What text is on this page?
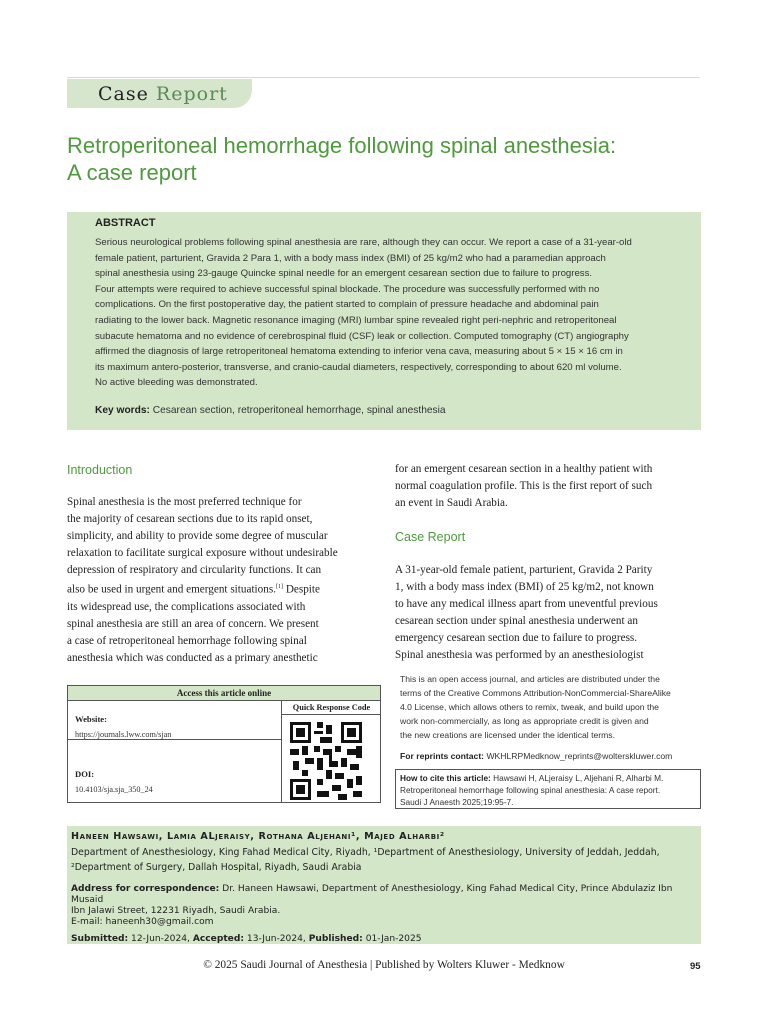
Case Report
Retroperitoneal hemorrhage following spinal anesthesia:
A case report
ABSTRACT
Serious neurological problems following spinal anesthesia are rare, although they can occur. We report a case of a 31-year-old
female patient, parturient, Gravida 2 Para 1, with a body mass index (BMI) of 25 kg/m2 who had a paramedian approach
spinal anesthesia using 23-gauge Quincke spinal needle for an emergent cesarean section due to failure to progress.
Four attempts were required to achieve successful spinal blockade. The procedure was successfully performed with no
complications. On the first postoperative day, the patient started to complain of pressure headache and abdominal pain
radiating to the lower back. Magnetic resonance imaging (MRI) lumbar spine revealed right peri-nephric and retroperitoneal
subacute hematoma and no evidence of cerebrospinal fluid (CSF) leak or collection. Computed tomography (CT) angiography
affirmed the diagnosis of large retroperitoneal hematoma extending to inferior vena cava, measuring about 5 × 15 × 16 cm in
its maximum antero-posterior, transverse, and cranio-caudal diameters, respectively, corresponding to about 620 ml volume.
No active bleeding was demonstrated.
Key words: Cesarean section, retroperitoneal hemorrhage, spinal anesthesia
Introduction
Spinal anesthesia is the most preferred technique for
the majority of cesarean sections due to its rapid onset,
simplicity, and ability to provide some degree of muscular
relaxation to facilitate surgical exposure without undesirable
depression of respiratory and circularity functions. It can
also be used in urgent and emergent situations.[1] Despite
its widespread use, the complications associated with
spinal anesthesia are still an area of concern. We present
a case of retroperitoneal hemorrhage following spinal
anesthesia which was conducted as a primary anesthetic
for an emergent cesarean section in a healthy patient with
normal coagulation profile. This is the first report of such
an event in Saudi Arabia.
Case Report
A 31-year-old female patient, parturient, Gravida 2 Parity
1, with a body mass index (BMI) of 25 kg/m2, not known
to have any medical illness apart from uneventful previous
cesarean section under spinal anesthesia underwent an
emergency cesarean section due to failure to progress.
Spinal anesthesia was performed by an anesthesiologist
Access this article online
Website:
https://journals.lww.com/sjan
DOI:
10.4103/sja.sja_350_24
Quick Response Code
This is an open access journal, and articles are distributed under the
terms of the Creative Commons Attribution-NonCommercial-ShareAlike
4.0 License, which allows others to remix, tweak, and build upon the
work non-commercially, as long as appropriate credit is given and
the new creations are licensed under the identical terms.
For reprints contact: WKHLRPMedknow_reprints@wolterskluwer.com
How to cite this article: Hawsawi H, ALjeraisy L, Aljehani R, Alharbi M.
Retroperitoneal hemorrhage following spinal anesthesia: A case report.
Saudi J Anaesth 2025;19:95-7.
Haneen Hawsawi, Lamia ALjeraisy, Rothana Aljehani¹, Majed Alharbi²
Department of Anesthesiology, King Fahad Medical City, Riyadh, ¹Department of Anesthesiology, University of Jeddah, Jeddah,
²Department of Surgery, Dallah Hospital, Riyadh, Saudi Arabia
Address for correspondence: Dr. Haneen Hawsawi, Department of Anesthesiology, King Fahad Medical City, Prince Abdulaziz Ibn Musaid
Ibn Jalawi Street, 12231 Riyadh, Saudi Arabia.
E-mail: haneenh30@gmail.com
Submitted: 12-Jun-2024, Accepted: 13-Jun-2024, Published: 01-Jan-2025
© 2025 Saudi Journal of Anesthesia | Published by Wolters Kluwer - Medknow	95
